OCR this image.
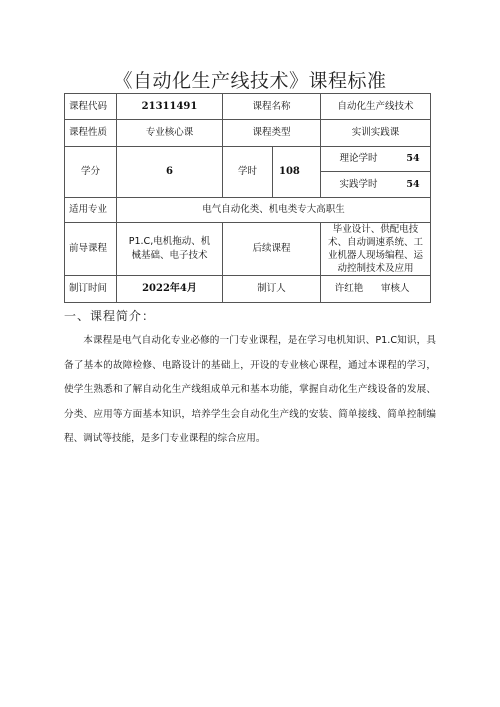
《自动化生产线技术》课程标准
课程代码	21311491	课程名称		自动化生产线技术
课程性质	专业核心课	课程类型		实训实践课
学分	6	学时	108	理论学时 54

				实践学时 54

适用专业	电气自动化类、机电类专大高职生			
前导课程	P1.C,电机拖动、机械基础、电子技术	后续课程		毕业设计、供配电技术、自动调速系统、工业机器人现场编程、运动控制技术及应用
制订时间	2022年4月	制订人		许红艳 审核人
一、课程简介：

本课程是电气自动化专业必修的一门专业课程，是在学习电机知识、P1.C知识，具备了基本的故障检修、电路设计的基础上，开设的专业核心课程，通过本课程的学习，使学生熟悉和了解自动化生产线组成单元和基本功能，掌握自动化生产线设备的发展、分类、应用等方面基本知识，培养学生会自动化生产线的安装、简单接线、简单控制编程、调试等技能，是多门专业课程的综合应用。
